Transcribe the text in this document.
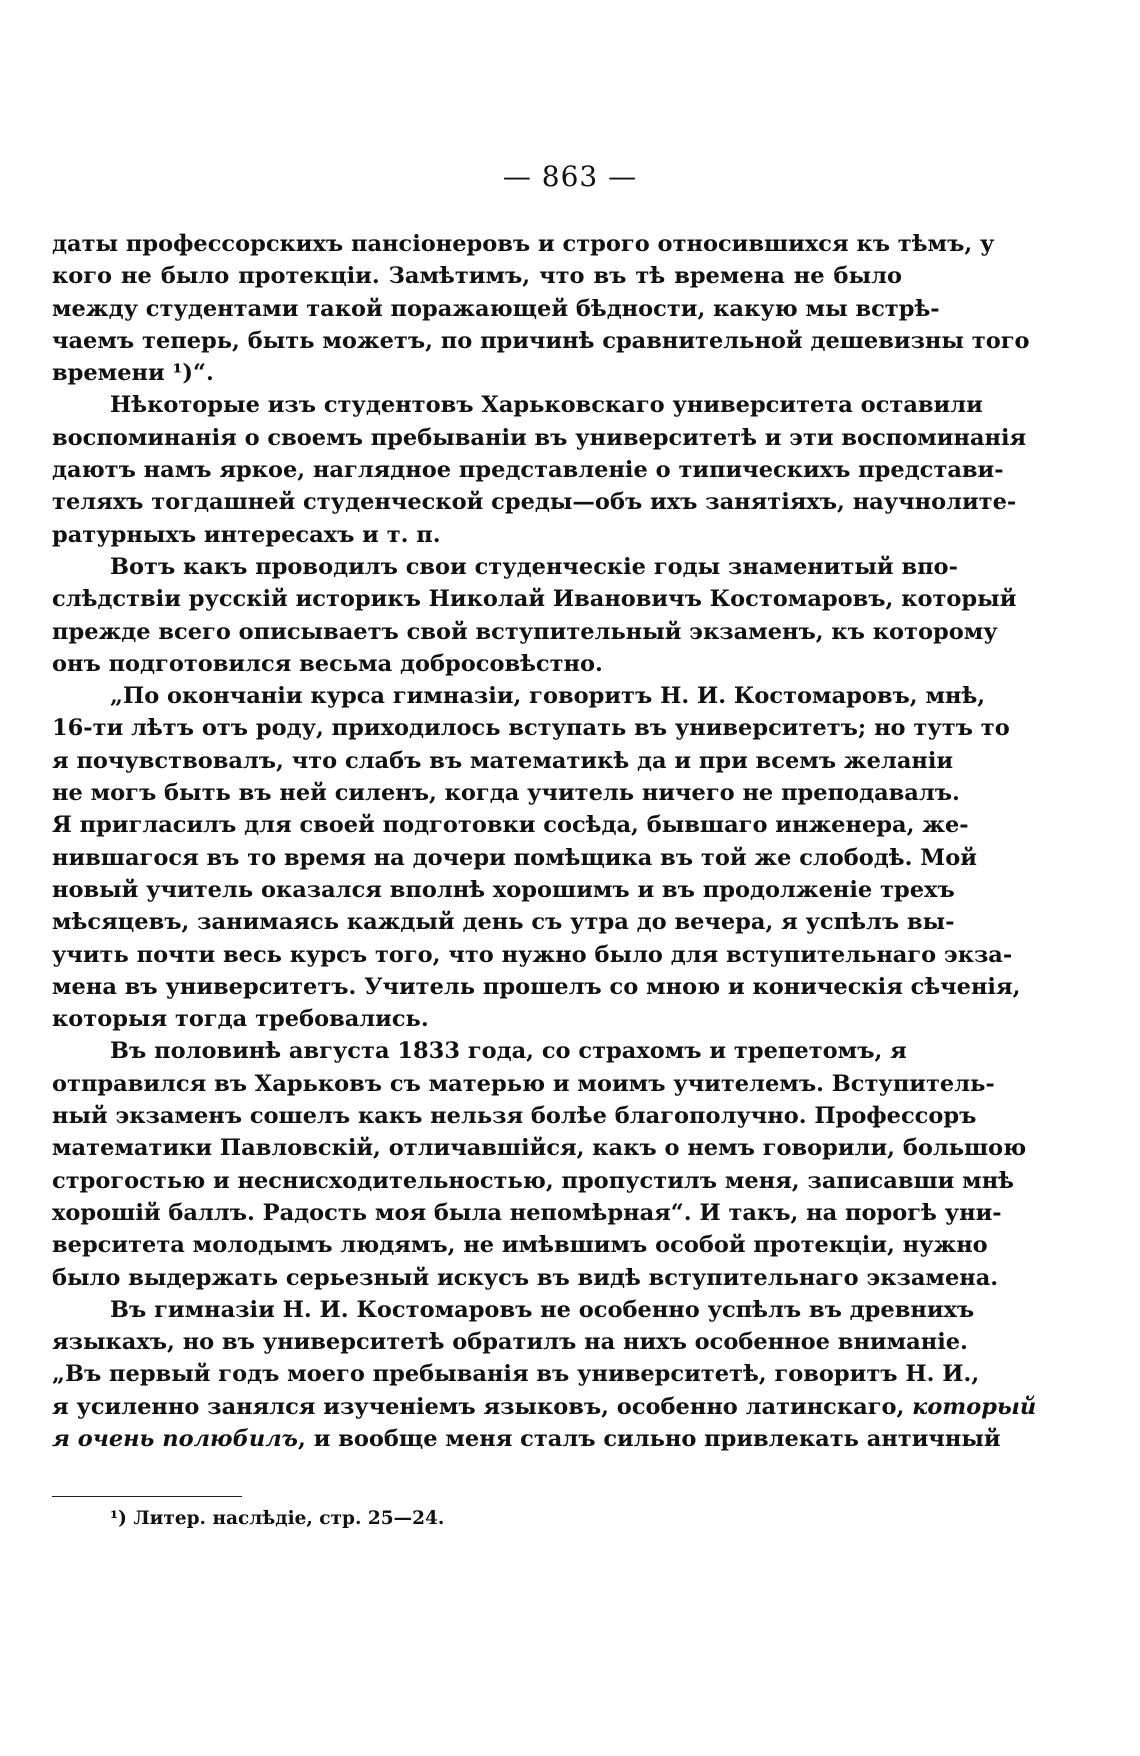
— 863 —
даты профессорскихъ пансіонеровъ и строго относившихся къ тѣмъ, у
кого не было протекціи. Замѣтимъ, что въ тѣ времена не было
между студентами такой поражающей бѣдности, какую мы встрѣ-
чаемъ теперь, быть можетъ, по причинѣ сравнительной дешевизны того
времени ¹)“.
Нѣкоторые изъ студентовъ Харьковскаго университета оставили
воспоминанія о своемъ пребываніи въ университетѣ и эти воспоминанія
даютъ намъ яркое, наглядное представленіе о типическихъ представи-
теляхъ тогдашней студенческой среды—объ ихъ занятіяхъ, научнолите-
ратурныхъ интересахъ и т. п.
Вотъ какъ проводилъ свои студенческіе годы знаменитый впо-
слѣдствіи русскій историкъ Николай Ивановичъ Костомаровъ, который
прежде всего описываетъ свой вступительный экзаменъ, къ которому
онъ подготовился весьма добросовѣстно.
„По окончаніи курса гимназіи, говоритъ Н. И. Костомаровъ, мнѣ,
16-ти лѣтъ отъ роду, приходилось вступать въ университетъ; но тутъ то
я почувствовалъ, что слабъ въ математикѣ да и при всемъ желаніи
не могъ быть въ ней силенъ, когда учитель ничего не преподавалъ.
Я пригласилъ для своей подготовки сосѣда, бывшаго инженера, же-
нившагося въ то время на дочери помѣщика въ той же слободѣ. Мой
новый учитель оказался вполнѣ хорошимъ и въ продолженіе трехъ
мѣсяцевъ, занимаясь каждый день съ утра до вечера, я успѣлъ вы-
учить почти весь курсъ того, что нужно было для вступительнаго экза-
мена въ университетъ. Учитель прошелъ со мною и коническія сѣченія,
которыя тогда требовались.
Въ половинѣ августа 1833 года, со страхомъ и трепетомъ, я
отправился въ Харьковъ съ матерью и моимъ учителемъ. Вступитель-
ный экзаменъ сошелъ какъ нельзя болѣе благополучно. Профессоръ
математики Павловскій, отличавшійся, какъ о немъ говорили, большою
строгостью и неснисходительностью, пропустилъ меня, записавши мнѣ
хорошій баллъ. Радость моя была непомѣрная“. И такъ, на порогѣ уни-
верситета молодымъ людямъ, не имѣвшимъ особой протекціи, нужно
было выдержать серьезный искусъ въ видѣ вступительнаго экзамена.
Въ гимназіи Н. И. Костомаровъ не особенно успѣлъ въ древнихъ
языкахъ, но въ университетѣ обратилъ на нихъ особенное вниманіе.
„Въ первый годъ моего пребыванія въ университетѣ, говоритъ Н. И.,
я усиленно занялся изученіемъ языковъ, особенно латинскаго, который
я очень полюбилъ, и вообще меня сталъ сильно привлекать античный
¹) Литер. наслѣдіе, стр. 25—24.
